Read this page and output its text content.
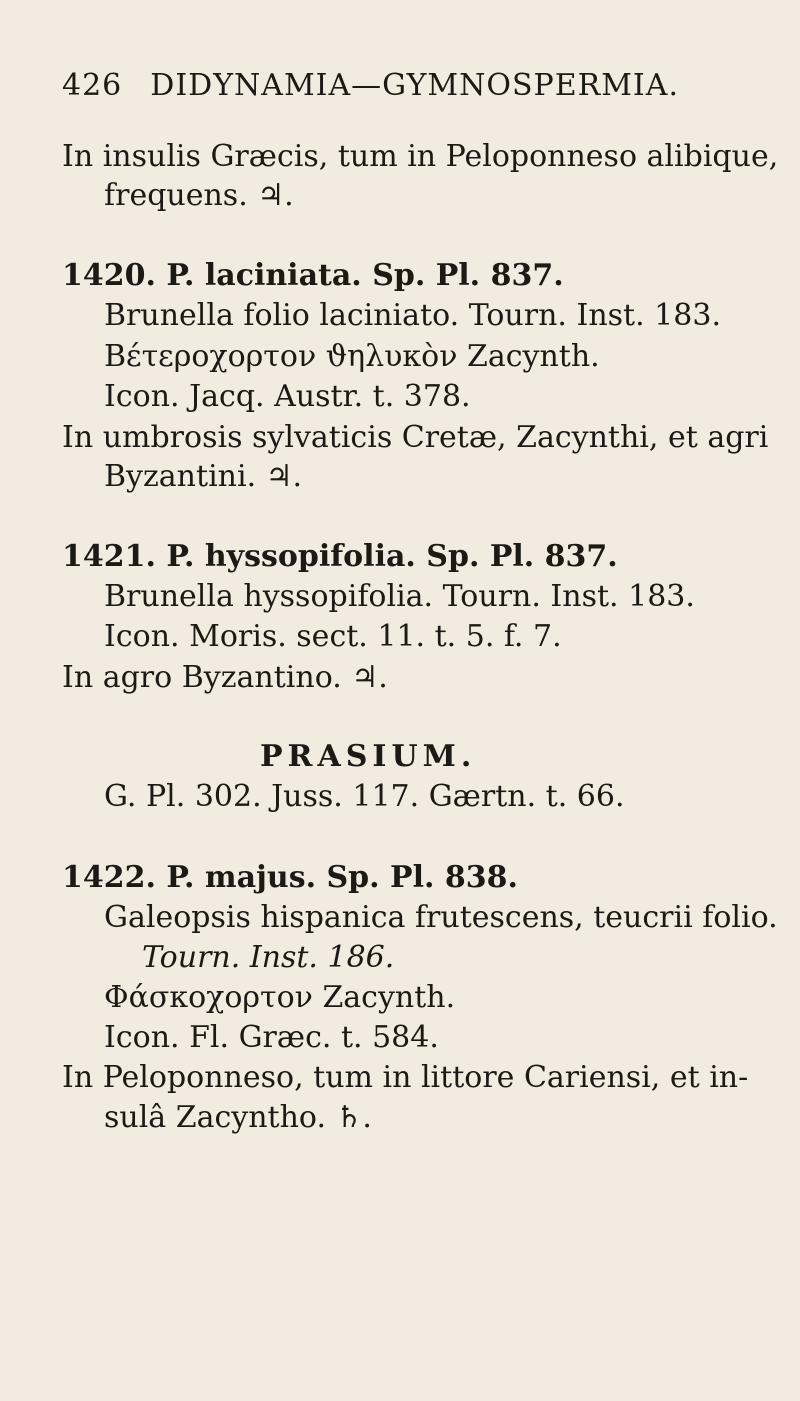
426 DIDYNAMIA—GYMNOSPERMIA.
In insulis Græcis, tum in Peloponneso alibique,
frequens. ♃.
1420. P. laciniata. Sp. Pl. 837.
Brunella folio laciniato. Tourn. Inst. 183.
Βέτεροχορτον ϑηλυκὸν Zacynth.
Icon. Jacq. Austr. t. 378.
In umbrosis sylvaticis Cretæ, Zacynthi, et agri
Byzantini. ♃.
1421. P. hyssopifolia. Sp. Pl. 837.
Brunella hyssopifolia. Tourn. Inst. 183.
Icon. Moris. sect. 11. t. 5. f. 7.
In agro Byzantino. ♃.
PRASIUM.
G. Pl. 302. Juss. 117. Gærtn. t. 66.
1422. P. majus. Sp. Pl. 838.
Galeopsis hispanica frutescens, teucrii folio.
Tourn. Inst. 186.
Φάσκοχορτον Zacynth.
Icon. Fl. Græc. t. 584.
In Peloponneso, tum in littore Cariensi, et in-
sulâ Zacyntho. ♄.
